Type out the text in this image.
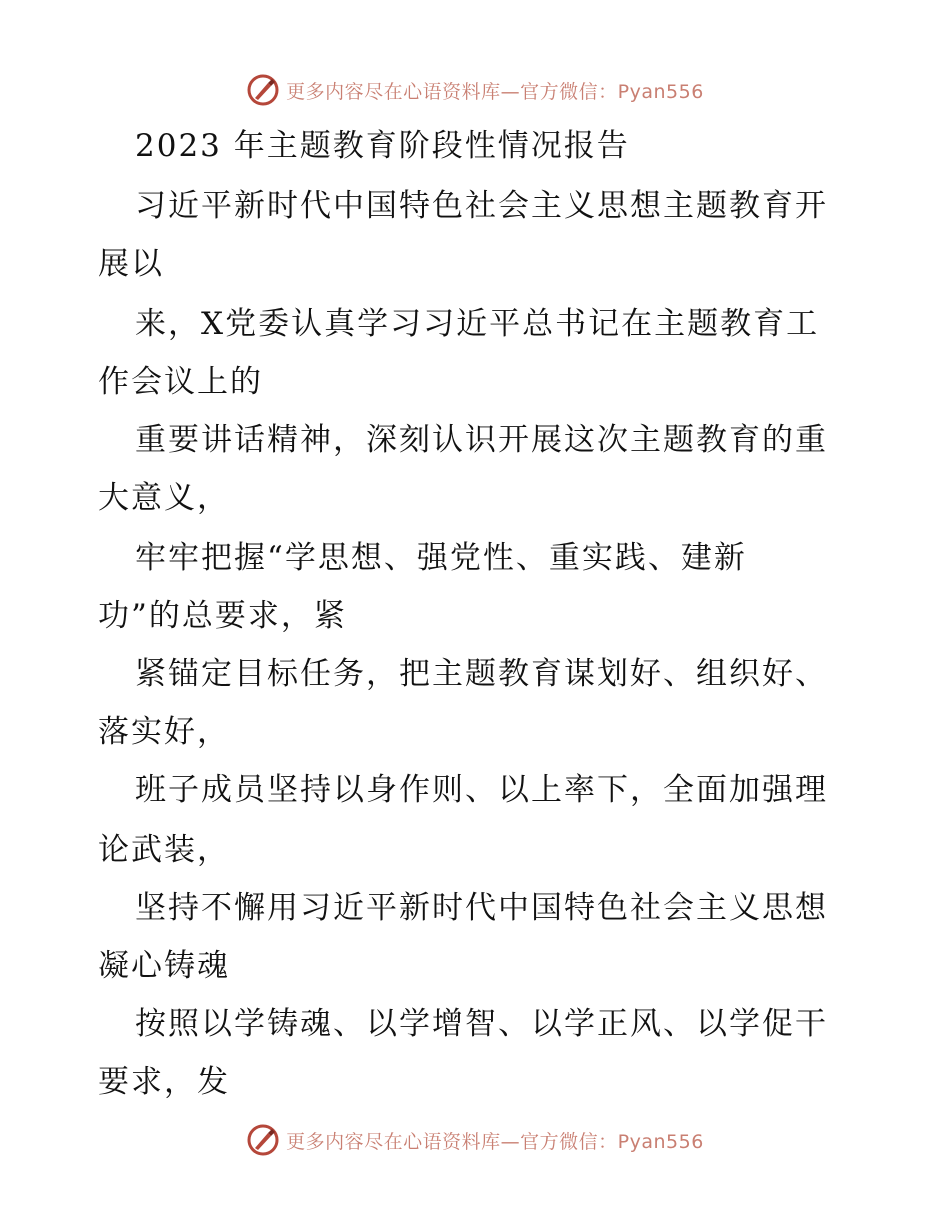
更多内容尽在心语资料库—官方微信：Pyan556
2023 年主题教育阶段性情况报告
习近平新时代中国特色社会主义思想主题教育开
展以
来，X党委认真学习习近平总书记在主题教育工
作会议上的
重要讲话精神，深刻认识开展这次主题教育的重
大意义，
牢牢把握“学思想、强党性、重实践、建新
功”的总要求，紧
紧锚定目标任务，把主题教育谋划好、组织好、
落实好，
班子成员坚持以身作则、以上率下，全面加强理
论武装，
坚持不懈用习近平新时代中国特色社会主义思想
凝心铸魂
按照以学铸魂、以学增智、以学正风、以学促干
要求，发
更多内容尽在心语资料库—官方微信：Pyan556
